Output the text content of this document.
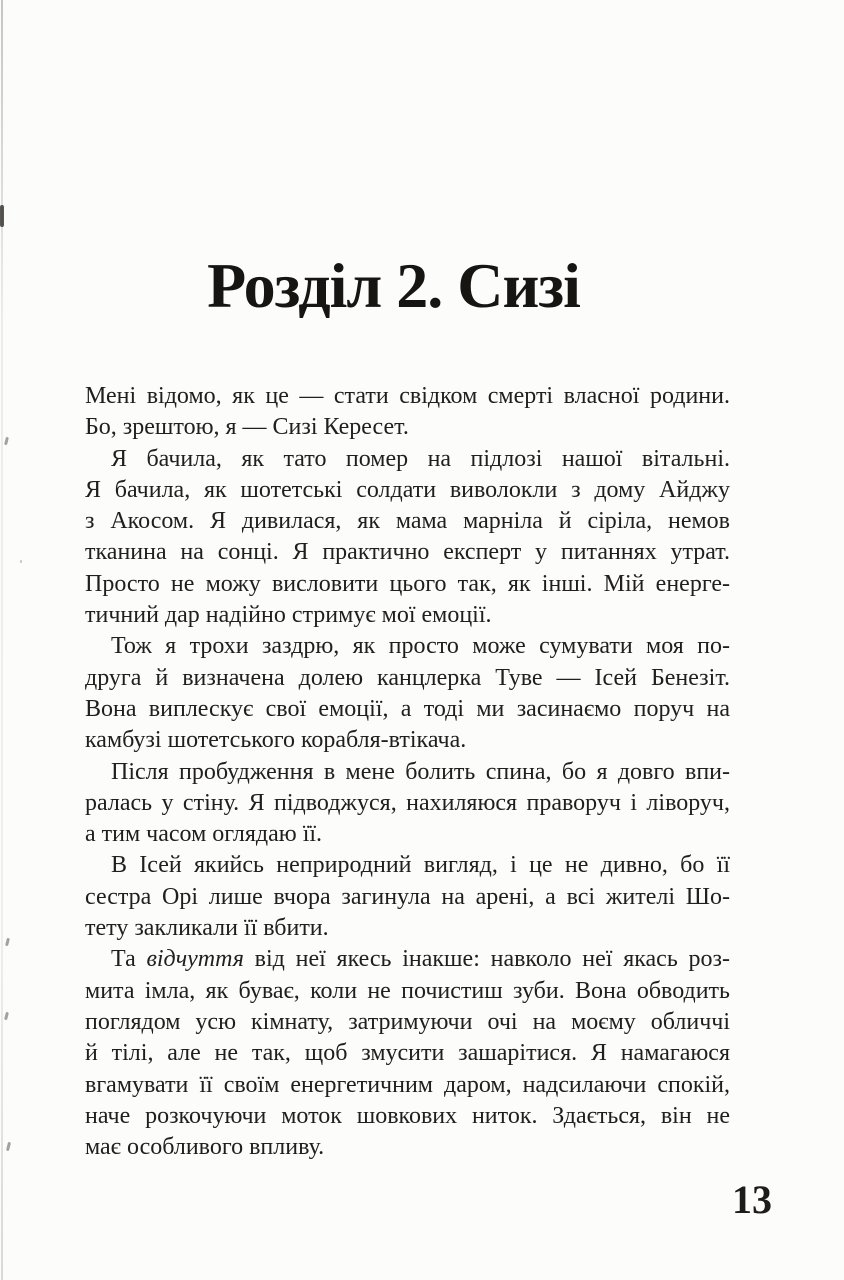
Розділ 2. Сизі
Мені відомо, як це — стати свідком смерті власної родини.
Бо, зрештою, я — Сизі Кересет.
Я бачила, як тато помер на підлозі нашої вітальні.
Я бачила, як шотетські солдати виволокли з дому Айджу
з Акосом. Я дивилася, як мама марніла й сіріла, немов
тканина на сонці. Я практично експерт у питаннях утрат.
Просто не можу висловити цього так, як інші. Мій енерге-
тичний дар надійно стримує мої емоції.
Тож я трохи заздрю, як просто може сумувати моя по-
друга й визначена долею канцлерка Туве — Ісей Бенезіт.
Вона виплескує свої емоції, а тоді ми засинаємо поруч на
камбузі шотетського корабля-втікача.
Після пробудження в мене болить спина, бо я довго впи-
ралась у стіну. Я підводжуся, нахиляюся праворуч і ліворуч,
а тим часом оглядаю її.
В Ісей якийсь неприродний вигляд, і це не дивно, бо її
сестра Орі лише вчора загинула на арені, а всі жителі Шо-
тету закликали її вбити.
Та відчуття від неї якесь інакше: навколо неї якась роз-
мита імла, як буває, коли не почистиш зуби. Вона обводить
поглядом усю кімнату, затримуючи очі на моєму обличчі
й тілі, але не так, щоб змусити зашарітися. Я намагаюся
вгамувати її своїм енергетичним даром, надсилаючи спокій,
наче розкочуючи моток шовкових ниток. Здається, він не
має особливого впливу.
13
